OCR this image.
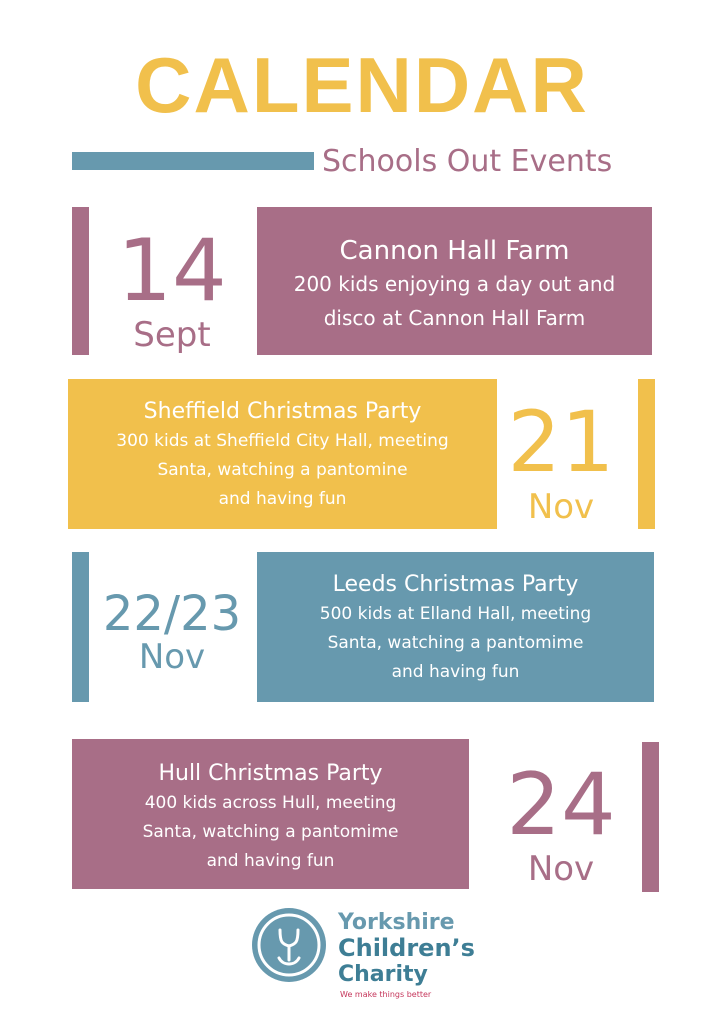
CALENDAR
Schools Out Events
14
Sept
Cannon Hall Farm
200 kids enjoying a day out and
disco at Cannon Hall Farm
Sheffield Christmas Party
300 kids at Sheffield City Hall, meeting
Santa, watching a pantomine
and having fun
21
Nov
22/23
Nov
Leeds Christmas Party
500 kids at Elland Hall, meeting
Santa, watching a pantomime
and having fun
Hull Christmas Party
400 kids across Hull, meeting
Santa, watching a pantomime
and having fun
24
Nov
Yorkshire
Children’s
Charity
We make things better
